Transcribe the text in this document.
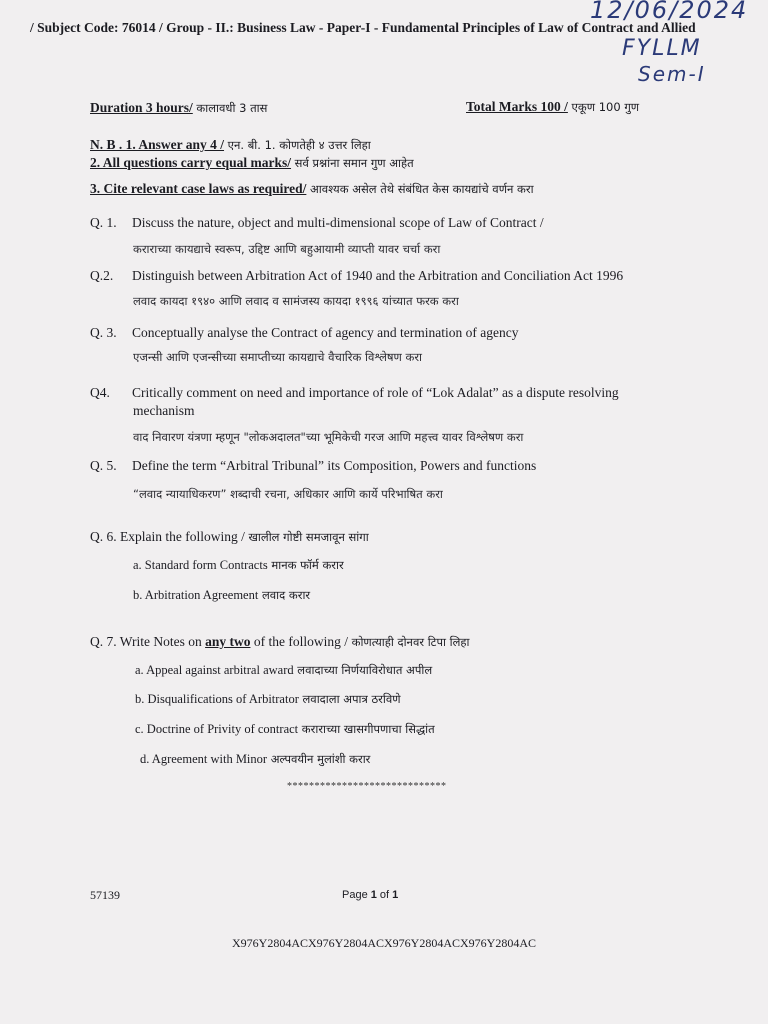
12/06/2024
FYLLM
Sem-I
/ Subject Code: 76014 / Group - II.: Business Law - Paper-I - Fundamental Principles of Law of Contract and Allied
Duration 3 hours/ कालावधी 3 तास	Total Marks 100 / एकूण 100 गुण
N. B . 1. Answer any 4 / एन. बी. 1. कोणतेही ४ उत्तर लिहा
2. All questions carry equal marks/ सर्व प्रश्नांना समान गुण आहेत
3. Cite relevant case laws as required/ आवश्यक असेल तेथे संबंधित केस कायद्यांचे वर्णन करा
Q. 1. Discuss the nature, object and multi-dimensional scope of Law of Contract /
कराराच्या कायद्याचे स्वरूप, उद्दिष्ट आणि बहुआयामी व्याप्ती यावर चर्चा करा
Q.2. Distinguish between Arbitration Act of 1940 and the Arbitration and Conciliation Act 1996
लवाद कायदा १९४० आणि लवाद व सामंजस्य कायदा १९९६ यांच्यात फरक करा
Q. 3. Conceptually analyse the Contract of agency and termination of agency
एजन्सी आणि एजन्सीच्या समाप्तीच्या कायद्याचे वैचारिक विश्लेषण करा
Q4. Critically comment on need and importance of role of “Lok Adalat” as a dispute resolving
mechanism
वाद निवारण यंत्रणा म्हणून "लोकअदालत"च्या भूमिकेची गरज आणि महत्त्व यावर विश्लेषण करा
Q. 5. Define the term “Arbitral Tribunal” its Composition, Powers and functions
“लवाद न्यायाधिकरण” शब्दाची रचना, अधिकार आणि कार्ये परिभाषित करा
Q. 6. Explain the following / खालील गोष्टी समजावून सांगा
a. Standard form Contracts मानक फॉर्म करार
b. Arbitration Agreement लवाद करार
Q. 7. Write Notes on any two of the following / कोणत्याही दोनवर टिपा लिहा
a. Appeal against arbitral award लवादाच्या निर्णयाविरोधात अपील
b. Disqualifications of Arbitrator लवादाला अपात्र ठरविणे
c. Doctrine of Privity of contract कराराच्या खासगीपणाचा सिद्धांत
d. Agreement with Minor अल्पवयीन मुलांशी करार
*****************************
57139	Page 1 of 1
X976Y2804ACX976Y2804ACX976Y2804ACX976Y2804AC
